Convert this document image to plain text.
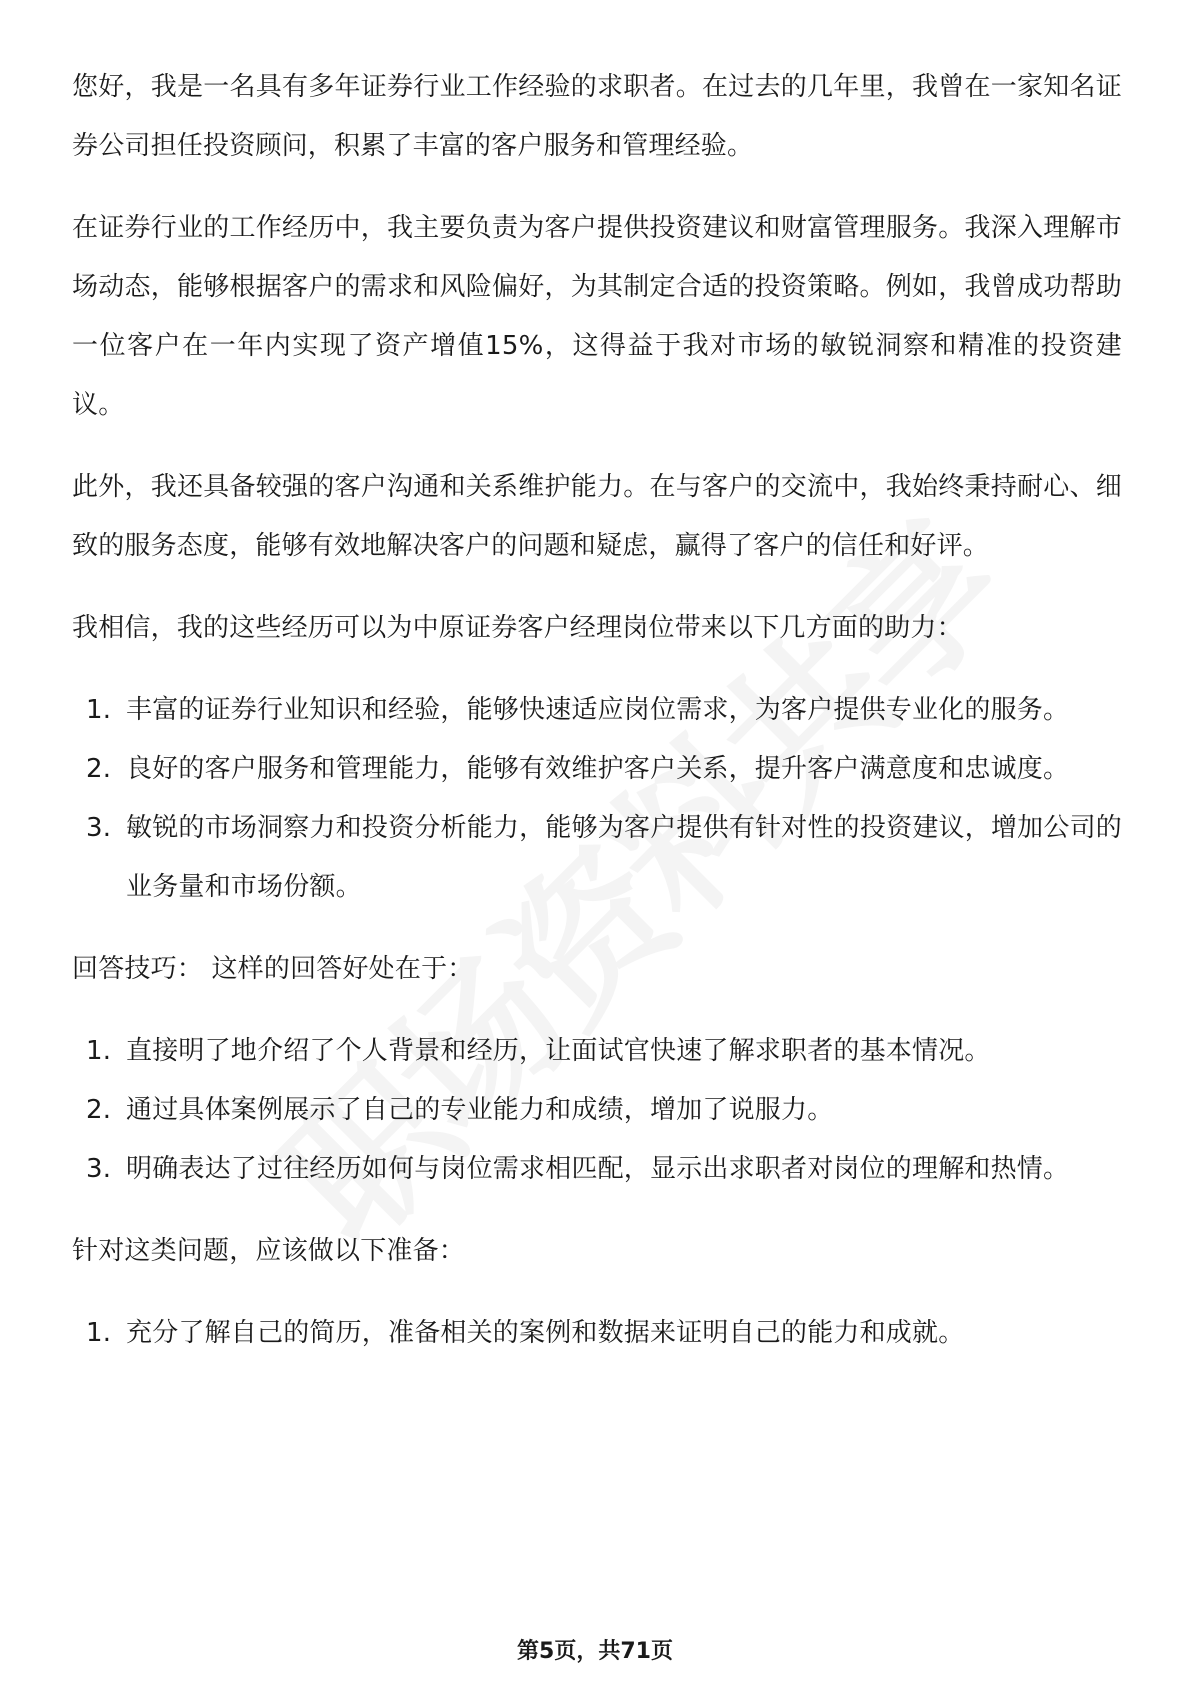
您好，我是一名具有多年证券行业工作经验的求职者。在过去的几年里，我曾在一家知名证券公司担任投资顾问，积累了丰富的客户服务和管理经验。

在证券行业的工作经历中，我主要负责为客户提供投资建议和财富管理服务。我深入理解市场动态，能够根据客户的需求和风险偏好，为其制定合适的投资策略。例如，我曾成功帮助一位客户在一年内实现了资产增值15%，这得益于我对市场的敏锐洞察和精准的投资建议。

此外，我还具备较强的客户沟通和关系维护能力。在与客户的交流中，我始终秉持耐心、细致的服务态度，能够有效地解决客户的问题和疑虑，赢得了客户的信任和好评。

我相信，我的这些经历可以为中原证券客户经理岗位带来以下几方面的助力：

1. 丰富的证券行业知识和经验，能够快速适应岗位需求，为客户提供专业化的服务。
2. 良好的客户服务和管理能力，能够有效维护客户关系，提升客户满意度和忠诚度。
3. 敏锐的市场洞察力和投资分析能力，能够为客户提供有针对性的投资建议，增加公司的业务量和市场份额。

回答技巧： 这样的回答好处在于：

1. 直接明了地介绍了个人背景和经历，让面试官快速了解求职者的基本情况。
2. 通过具体案例展示了自己的专业能力和成绩，增加了说服力。
3. 明确表达了过往经历如何与岗位需求相匹配，显示出求职者对岗位的理解和热情。

针对这类问题，应该做以下准备：

1. 充分了解自己的简历，准备相关的案例和数据来证明自己的能力和成就。
第5页，共71页
